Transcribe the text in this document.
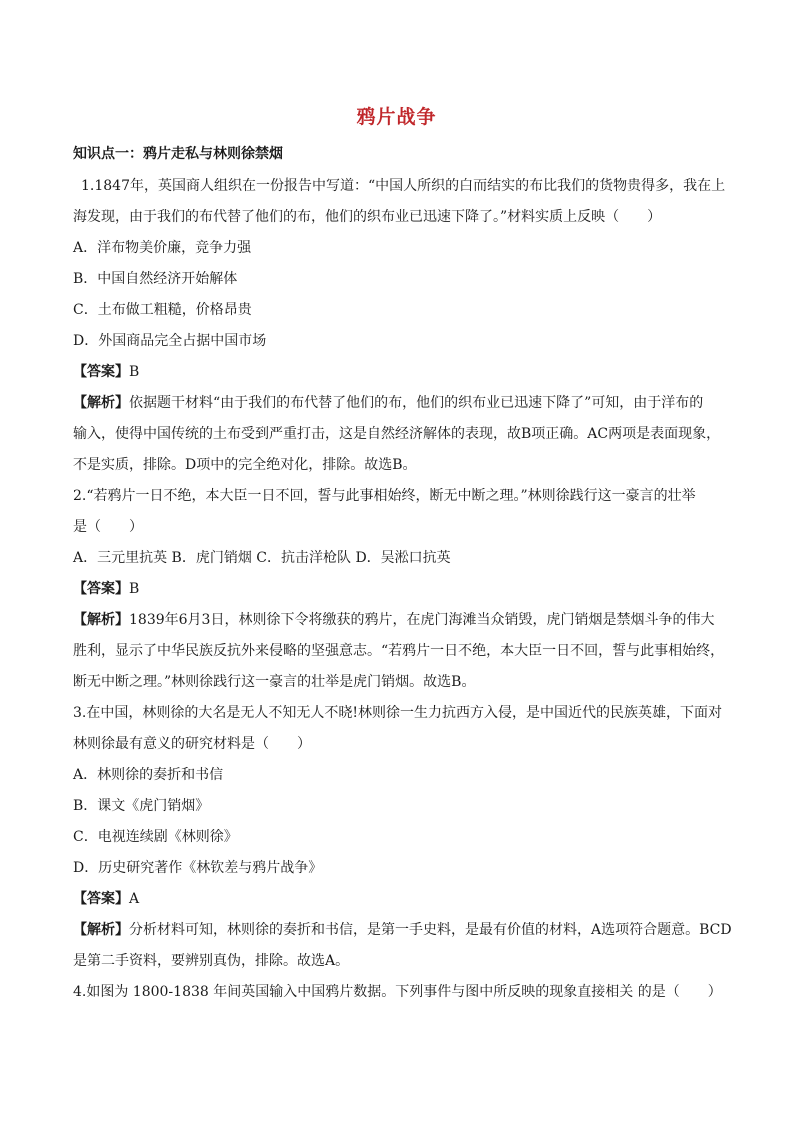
鸦片战争
知识点一：鸦片走私与林则徐禁烟
1.1847年，英国商人组织在一份报告中写道：“中国人所织的白而结实的布比我们的货物贵得多，我在上
海发现，由于我们的布代替了他们的布，他们的织布业已迅速下降了。”材料实质上反映（　　）
A．洋布物美价廉，竞争力强
B．中国自然经济开始解体
C．土布做工粗糙，价格昂贵
D．外国商品完全占据中国市场
【答案】B
【解析】依据题干材料“由于我们的布代替了他们的布，他们的织布业已迅速下降了”可知，由于洋布的
输入，使得中国传统的土布受到严重打击，这是自然经济解体的表现，故B项正确。AC两项是表面现象，
不是实质，排除。D项中的完全绝对化，排除。故选B。
2.“若鸦片一日不绝，本大臣一日不回，誓与此事相始终，断无中断之理。”林则徐践行这一豪言的壮举
是（　　）
A．三元里抗英 B．虎门销烟 C．抗击洋枪队 D．吴淞口抗英
【答案】B
【解析】1839年6月3日，林则徐下令将缴获的鸦片，在虎门海滩当众销毁，虎门销烟是禁烟斗争的伟大
胜利，显示了中华民族反抗外来侵略的坚强意志。“若鸦片一日不绝，本大臣一日不回，誓与此事相始终，
断无中断之理。”林则徐践行这一豪言的壮举是虎门销烟。故选B。
3.在中国，林则徐的大名是无人不知无人不晓!林则徐一生力抗西方入侵，是中国近代的民族英雄，下面对
林则徐最有意义的研究材料是（　　）
A．林则徐的奏折和书信
B．课文《虎门销烟》
C．电视连续剧《林则徐》
D．历史研究著作《林钦差与鸦片战争》
【答案】A
【解析】分析材料可知，林则徐的奏折和书信，是第一手史料，是最有价值的材料，A选项符合题意。BCD
是第二手资料，要辨别真伪，排除。故选A。
4.如图为 1800-1838 年间英国输入中国鸦片数据。下列事件与图中所反映的现象直接相关 的是（　　）
